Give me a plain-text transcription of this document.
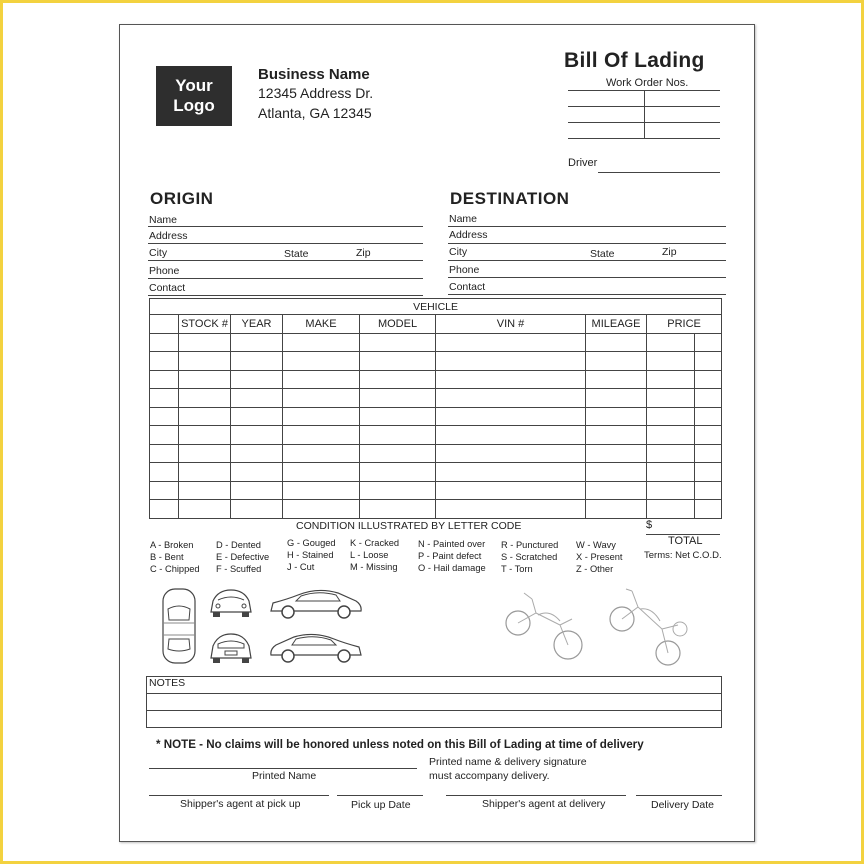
Your
Logo
Business Name
12345 Address Dr.
Atlanta, GA 12345
Bill Of Lading
Work Order Nos.
Driver
ORIGIN
Name
Address
City	State	Zip
Phone
Contact
DESTINATION
Name
Address
City	State	Zip
Phone
Contact
VEHICLE								
	STOCK #	YEAR	MAKE	MODEL	VIN #	MILEAGE	PRICE	

CONDITION ILLUSTRATED BY LETTER CODE
A - Broken
B - Bent
C - Chipped
D - Dented
E - Defective
F - Scuffed
G - Gouged
H - Stained
J - Cut
K - Cracked
L - Loose
M - Missing
N - Painted over
P - Paint defect
O - Hail damage
R - Punctured
S - Scratched
T - Torn
W - Wavy
X - Present
Z - Other
$
TOTAL
Terms: Net C.O.D.
NOTES

* NOTE - No claims will be honored unless noted on this Bill of Lading at time of delivery
Printed Name
Printed name & delivery signature
must accompany delivery.
Shipper's agent at pick up	Pick up Date	Shipper's agent at delivery	Delivery Date
